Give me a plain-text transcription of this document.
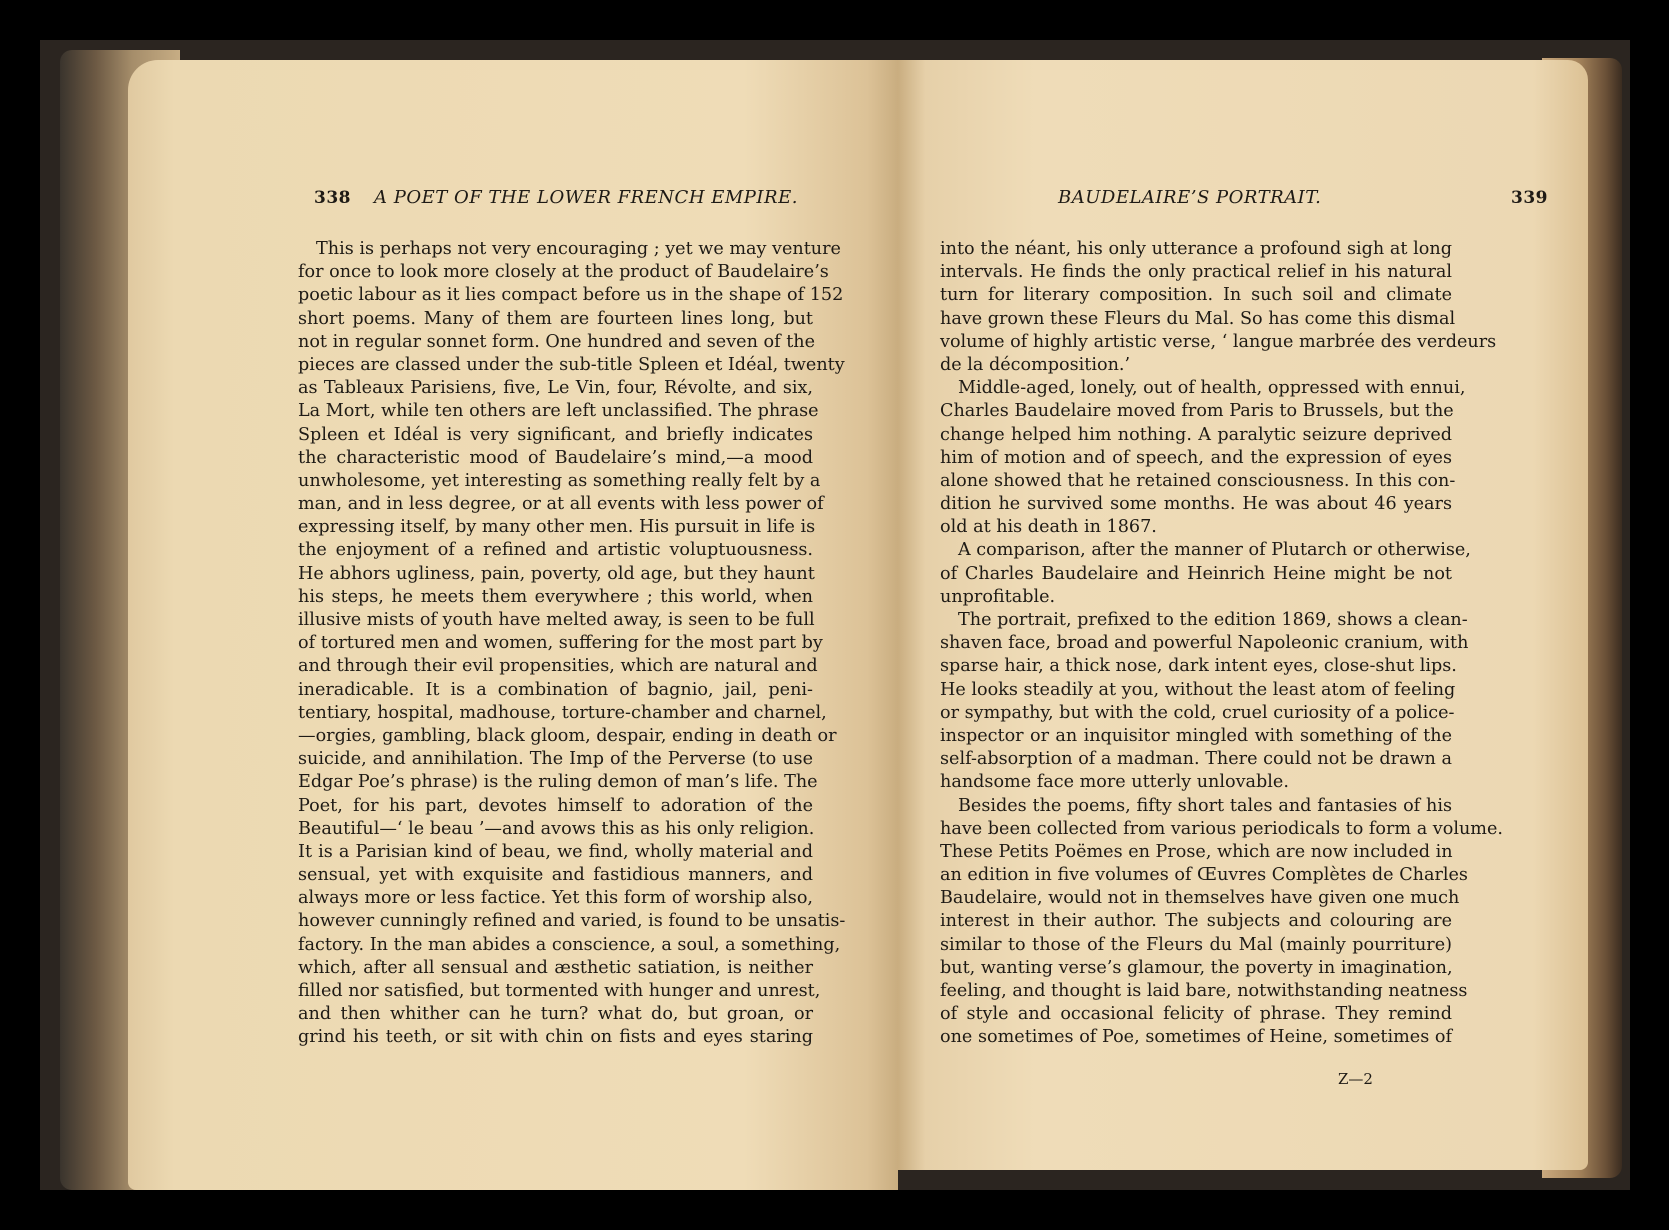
338 A POET OF THE LOWER FRENCH EMPIRE.
This is perhaps not very encouraging ; yet we may venture
for once to look more closely at the product of Baudelaire’s
poetic labour as it lies compact before us in the shape of 152
short poems. Many of them are fourteen lines long, but
not in regular sonnet form. One hundred and seven of the
pieces are classed under the sub-title Spleen et Idéal, twenty
as Tableaux Parisiens, five, Le Vin, four, Révolte, and six,
La Mort, while ten others are left unclassified. The phrase
Spleen et Idéal is very significant, and briefly indicates
the characteristic mood of Baudelaire’s mind,—a mood
unwholesome, yet interesting as something really felt by a
man, and in less degree, or at all events with less power of
expressing itself, by many other men. His pursuit in life is
the enjoyment of a refined and artistic voluptuousness.
He abhors ugliness, pain, poverty, old age, but they haunt
his steps, he meets them everywhere ; this world, when
illusive mists of youth have melted away, is seen to be full
of tortured men and women, suffering for the most part by
and through their evil propensities, which are natural and
ineradicable. It is a combination of bagnio, jail, peni-
tentiary, hospital, madhouse, torture-chamber and charnel,
—orgies, gambling, black gloom, despair, ending in death or
suicide, and annihilation. The Imp of the Perverse (to use
Edgar Poe’s phrase) is the ruling demon of man’s life. The
Poet, for his part, devotes himself to adoration of the
Beautiful—‘ le beau ’—and avows this as his only religion.
It is a Parisian kind of beau, we find, wholly material and
sensual, yet with exquisite and fastidious manners, and
always more or less factice. Yet this form of worship also,
however cunningly refined and varied, is found to be unsatis-
factory. In the man abides a conscience, a soul, a something,
which, after all sensual and æsthetic satiation, is neither
filled nor satisfied, but tormented with hunger and unrest,
and then whither can he turn? what do, but groan, or
grind his teeth, or sit with chin on fists and eyes staring
BAUDELAIRE’S PORTRAIT.	339
into the néant, his only utterance a profound sigh at long
intervals. He finds the only practical relief in his natural
turn for literary composition. In such soil and climate
have grown these Fleurs du Mal. So has come this dismal
volume of highly artistic verse, ‘ langue marbrée des verdeurs
de la décomposition.’
Middle-aged, lonely, out of health, oppressed with ennui,
Charles Baudelaire moved from Paris to Brussels, but the
change helped him nothing. A paralytic seizure deprived
him of motion and of speech, and the expression of eyes
alone showed that he retained consciousness. In this con-
dition he survived some months. He was about 46 years
old at his death in 1867.
A comparison, after the manner of Plutarch or otherwise,
of Charles Baudelaire and Heinrich Heine might be not
unprofitable.
The portrait, prefixed to the edition 1869, shows a clean-
shaven face, broad and powerful Napoleonic cranium, with
sparse hair, a thick nose, dark intent eyes, close-shut lips.
He looks steadily at you, without the least atom of feeling
or sympathy, but with the cold, cruel curiosity of a police-
inspector or an inquisitor mingled with something of the
self-absorption of a madman. There could not be drawn a
handsome face more utterly unlovable.
Besides the poems, fifty short tales and fantasies of his
have been collected from various periodicals to form a volume.
These Petits Poëmes en Prose, which are now included in
an edition in five volumes of Œuvres Complètes de Charles
Baudelaire, would not in themselves have given one much
interest in their author. The subjects and colouring are
similar to those of the Fleurs du Mal (mainly pourriture)
but, wanting verse’s glamour, the poverty in imagination,
feeling, and thought is laid bare, notwithstanding neatness
of style and occasional felicity of phrase. They remind
one sometimes of Poe, sometimes of Heine, sometimes of
Z—2
